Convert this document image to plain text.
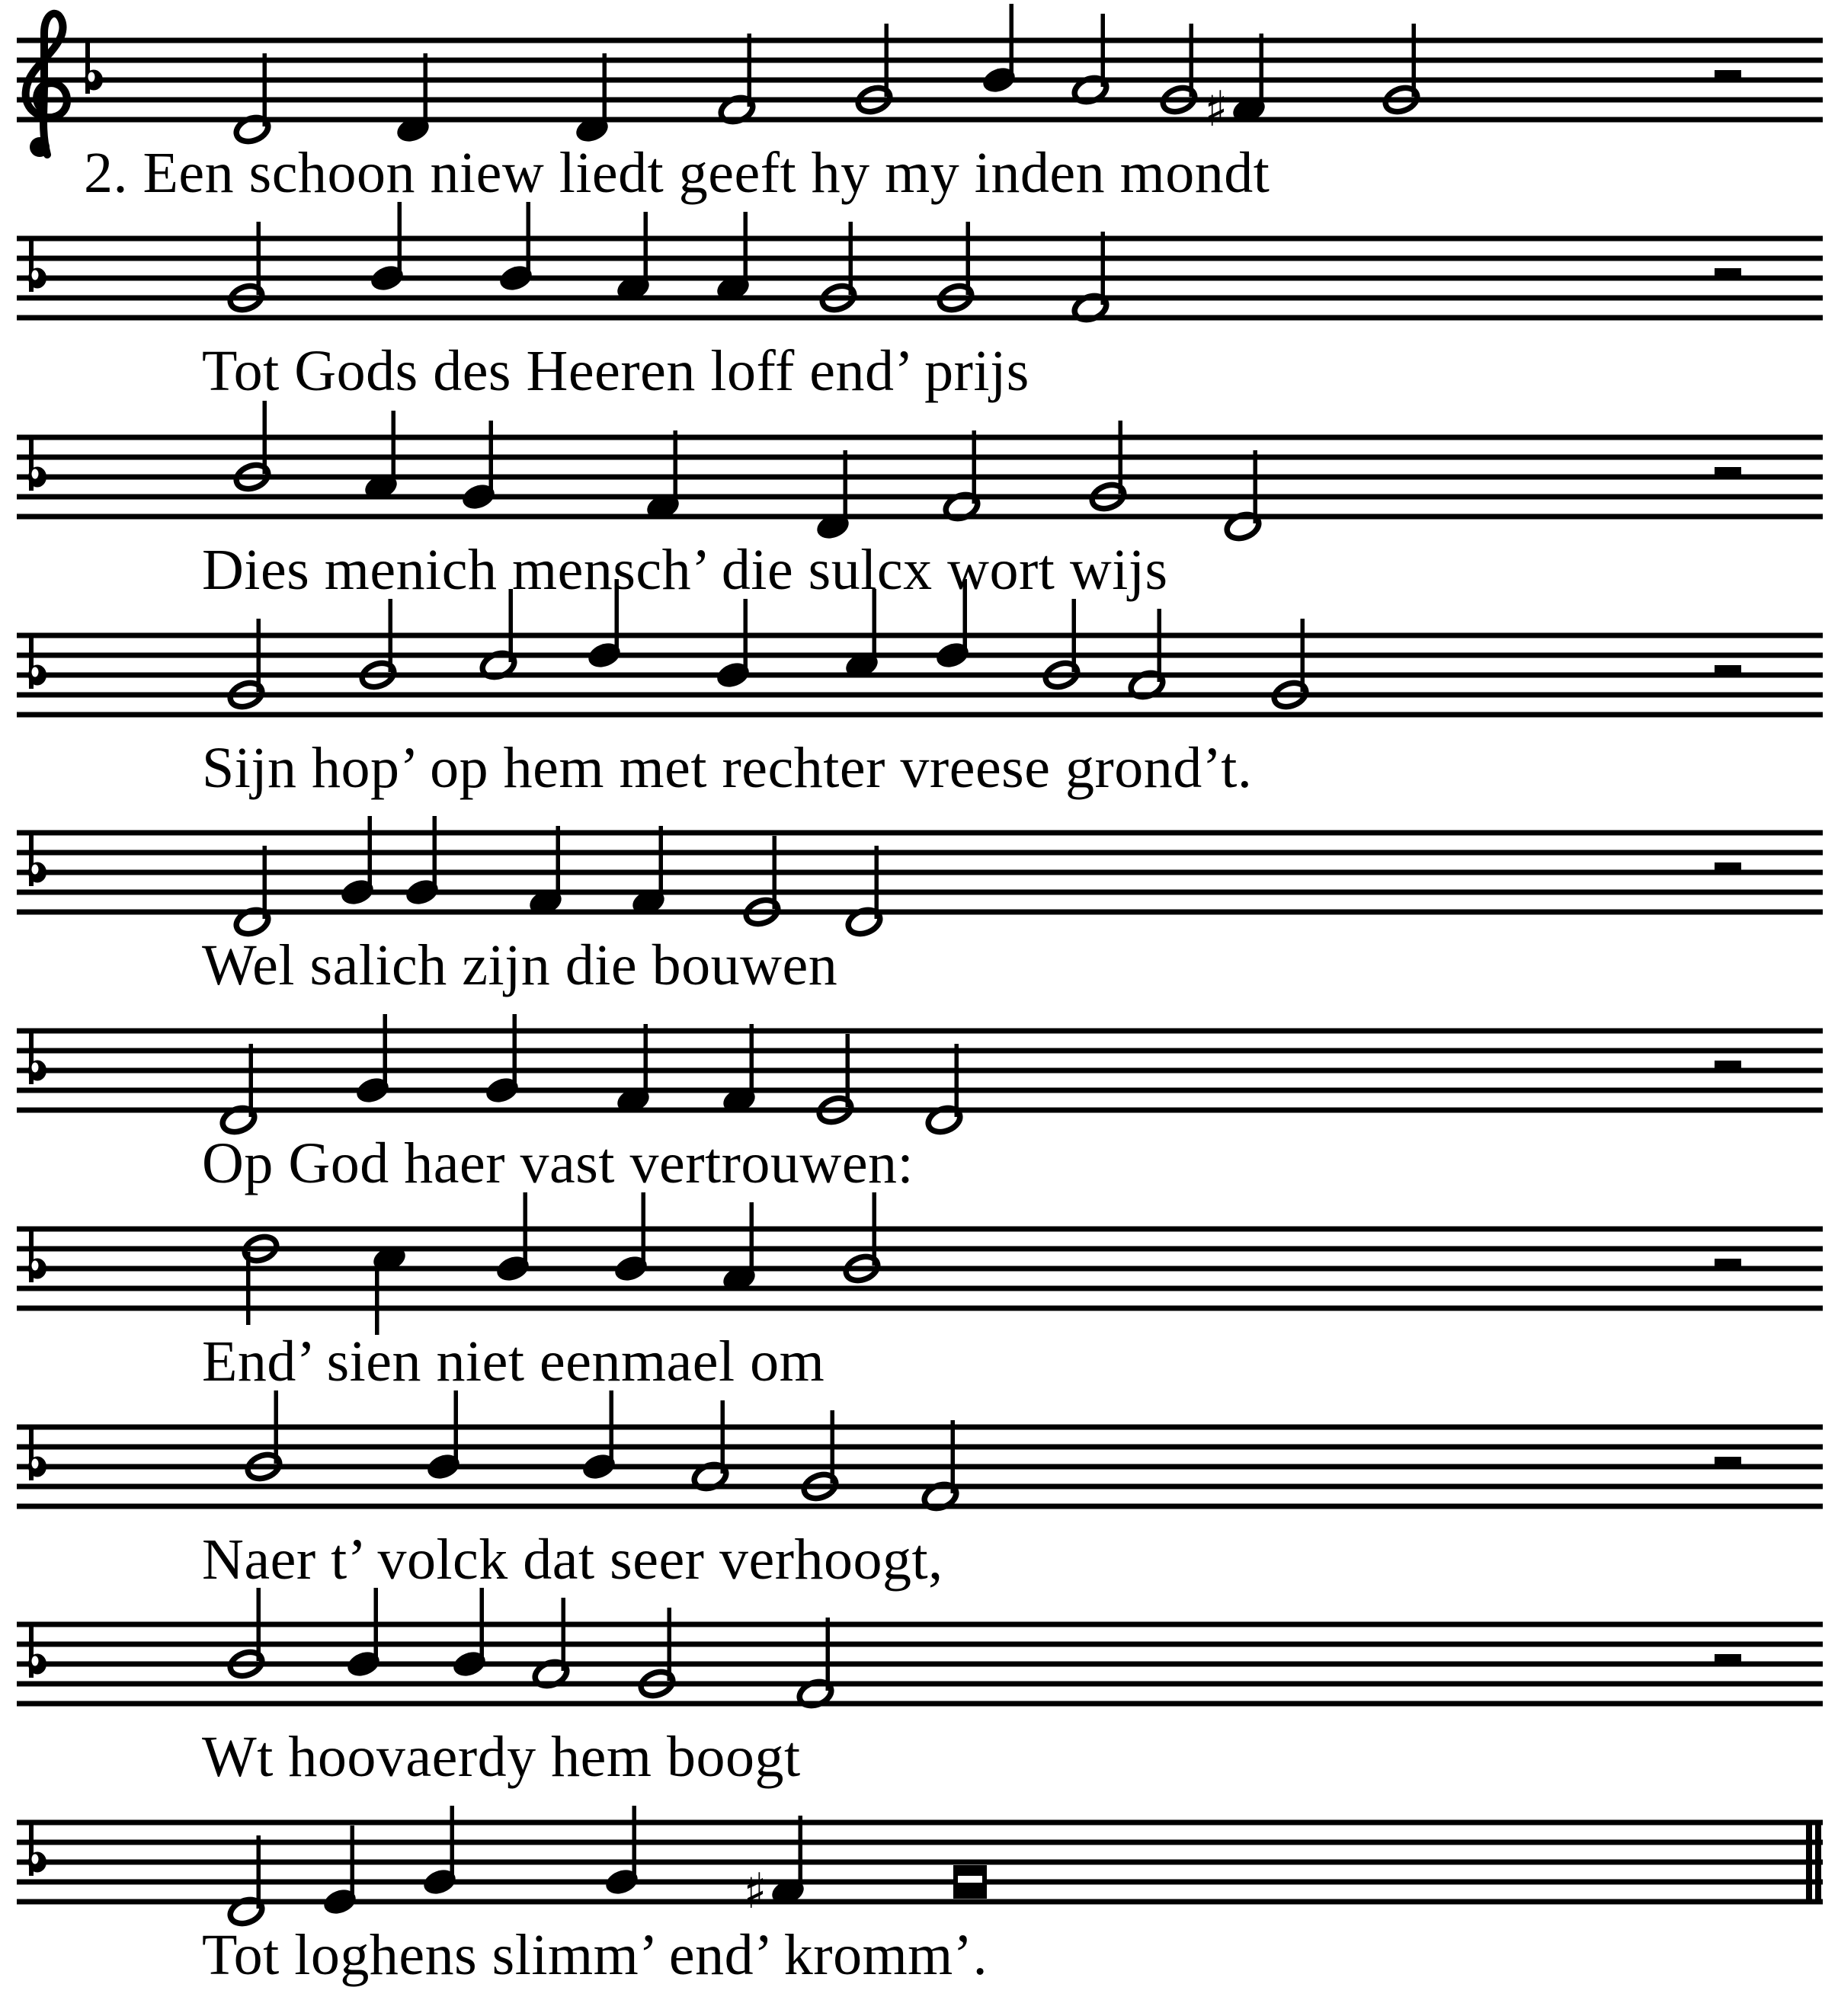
♯
♯
2. Een schoon niew liedt geeft hy my inden mondt
Tot Gods des Heeren loff end’ prijs
Dies menich mensch’ die sulcx wort wijs
Sijn hop’ op hem met rechter vreese grond’t.
Wel salich zijn die bouwen
Op God haer vast vertrouwen:
End’ sien niet eenmael om
Naer t’ volck dat seer verhoogt,
Wt hoovaerdy hem boogt
Tot loghens slimm’ end’ kromm’.
